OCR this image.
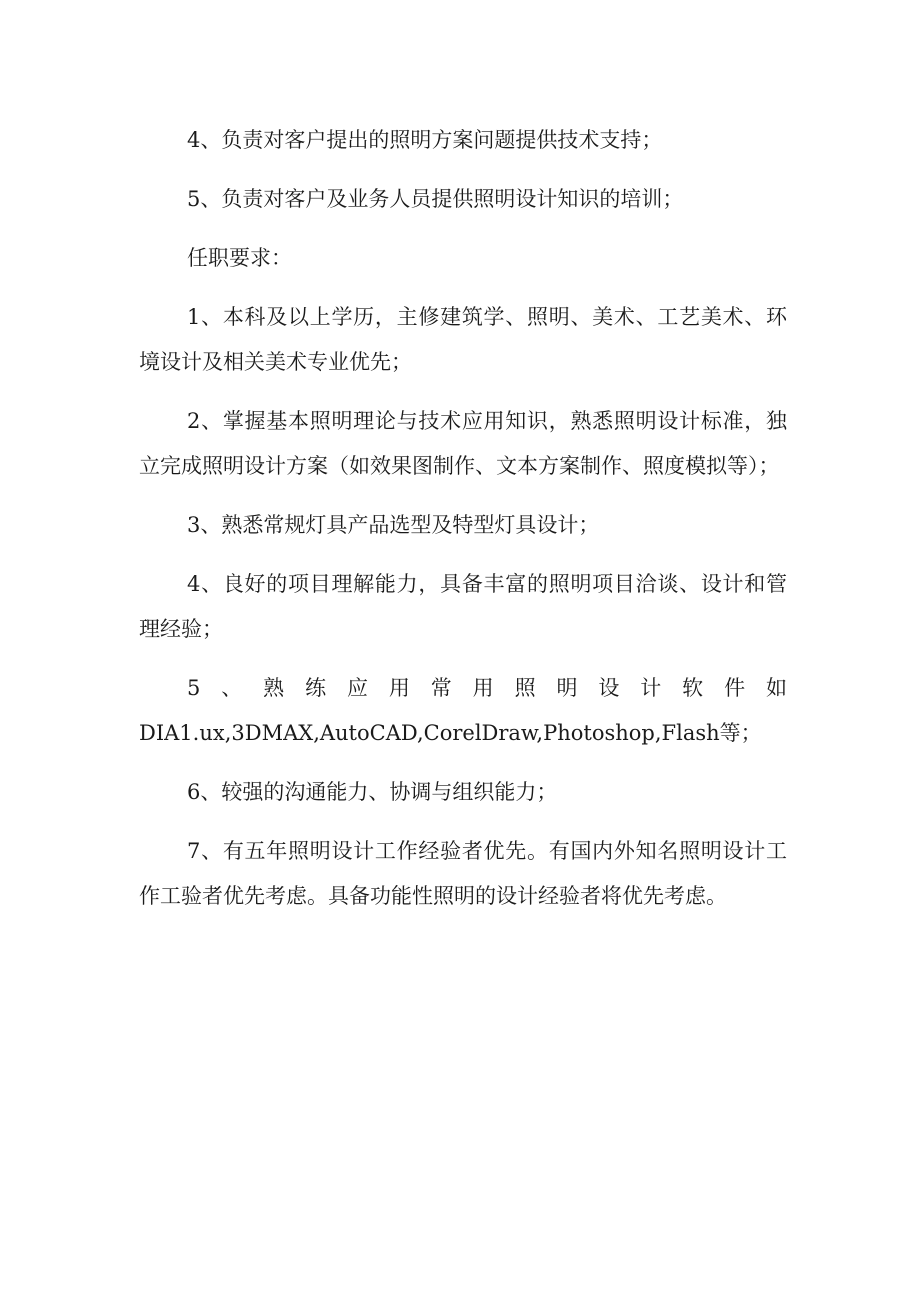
4、负责对客户提出的照明方案问题提供技术支持；

5、负责对客户及业务人员提供照明设计知识的培训；

任职要求：

1、本科及以上学历，主修建筑学、照明、美术、工艺美术、环境设计及相关美术专业优先；

2、掌握基本照明理论与技术应用知识，熟悉照明设计标准，独立完成照明设计方案（如效果图制作、文本方案制作、照度模拟等）；

3、熟悉常规灯具产品选型及特型灯具设计；

4、良好的项目理解能力，具备丰富的照明项目洽谈、设计和管理经验；

5、熟练应用常用照明设计软件如
DIA1.ux,3DMAX,AutoCAD,CorelDraw,Photoshop,Flash等；

6、较强的沟通能力、协调与组织能力；

7、有五年照明设计工作经验者优先。有国内外知名照明设计工作工验者优先考虑。具备功能性照明的设计经验者将优先考虑。
